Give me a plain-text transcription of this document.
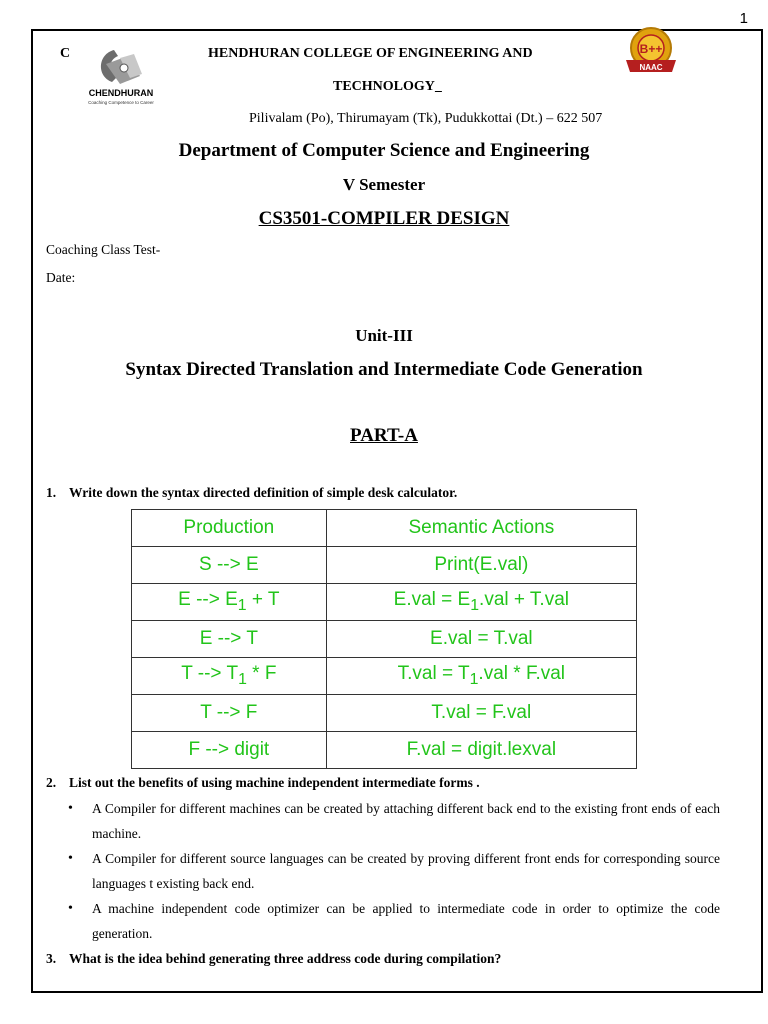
1
C
CHENDHURAN
Coaching Competence to Career
HENDHURAN COLLEGE OF ENGINEERING AND
TECHNOLOGY
Pilivalam (Po), Thirumayam (Tk), Pudukkottai (Dt.) – 622 507
B++
NAAC
Department of Computer Science and Engineering
V Semester
CS3501-COMPILER DESIGN
Coaching Class Test-
Date:
Unit-III
Syntax Directed Translation and Intermediate Code Generation
PART-A
1. Write down the syntax directed definition of simple desk calculator.
Production	Semantic Actions
S --> E	Print(E.val)
E --> $E_1 + T$	$E.val = E_1.val + T.val$
E --> T	E.val = T.val
T --> $T_1$ * F	$T.val = T_1.val * F.val$
T --> F	T.val = F.val
F --> digit	F.val = digit.lexval
2. List out the benefits of using machine independent intermediate forms .
• A Compiler for different machines can be created by attaching different back end to the existing front ends of each machine.
• A Compiler for different source languages can be created by proving different front ends for corresponding source languages t existing back end.
• A machine independent code optimizer can be applied to intermediate code in order to optimize the code generation.
3. What is the idea behind generating three address code during compilation?
